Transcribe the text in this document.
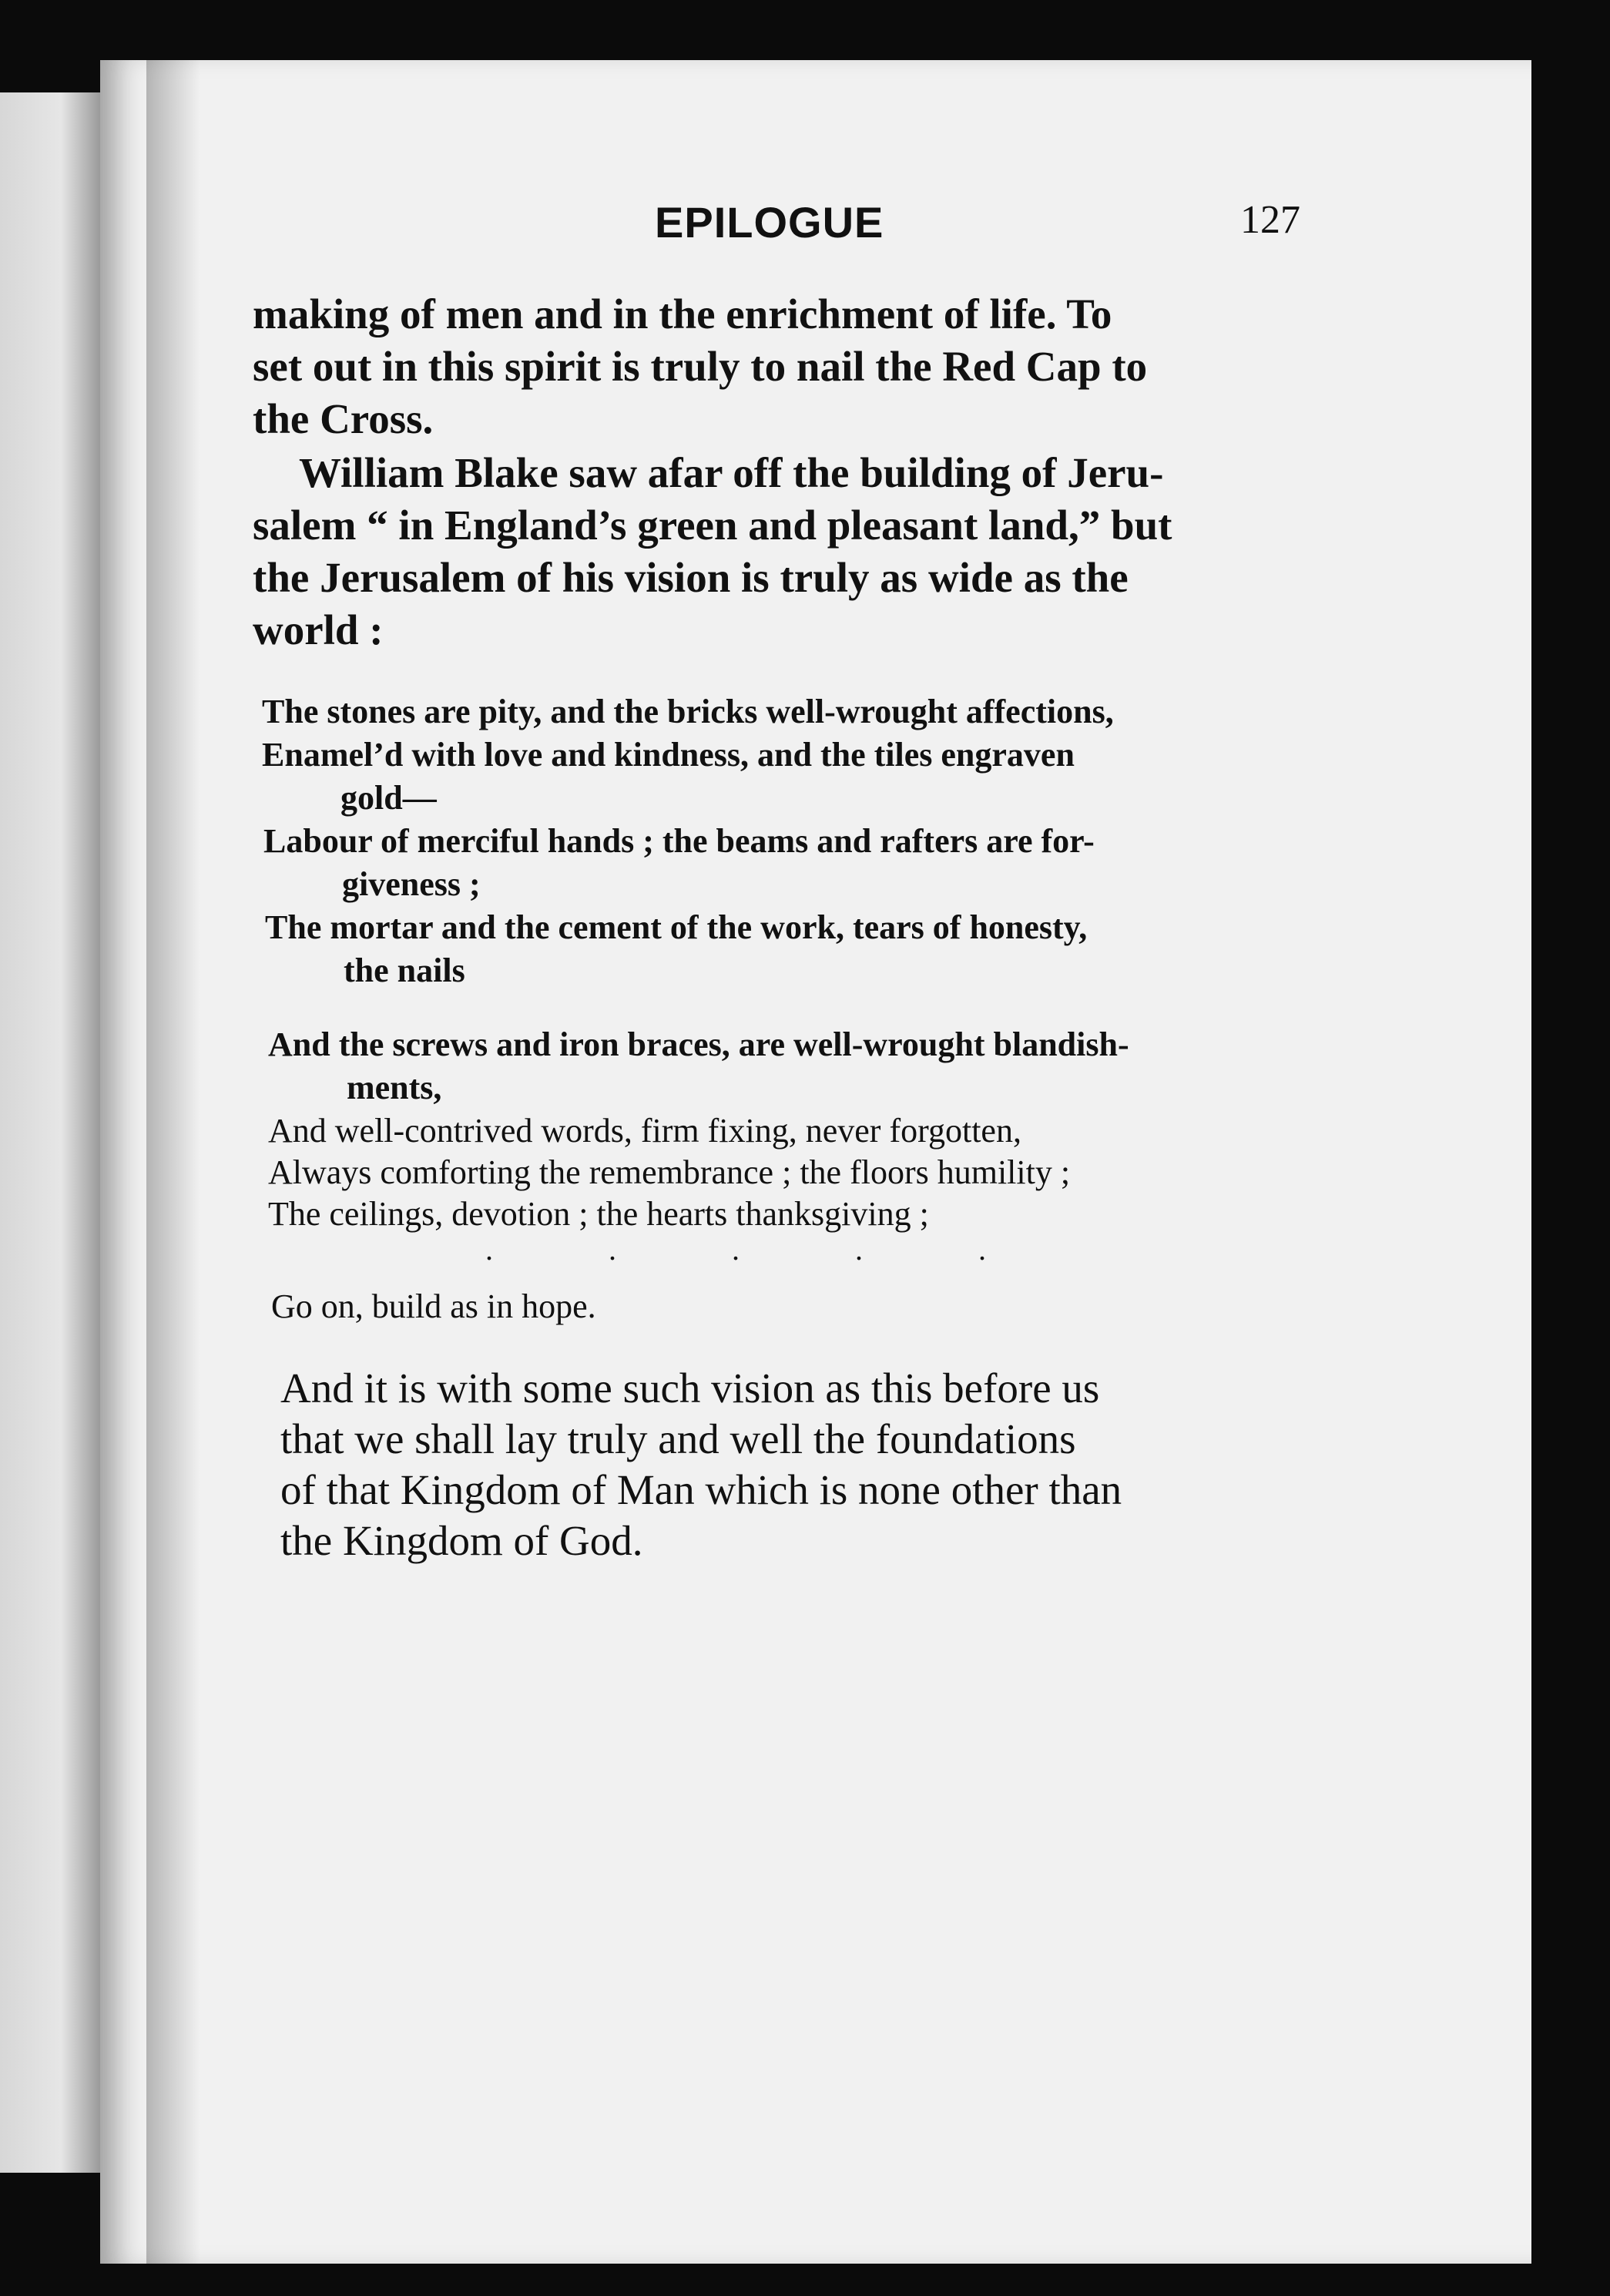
EPILOGUE	127
making of men and in the enrichment of life. To
set out in this spirit is truly to nail the Red Cap to
the Cross.
William Blake saw afar off the building of Jeru-
salem “ in England’s green and pleasant land,” but
the Jerusalem of his vision is truly as wide as the
world :
The stones are pity, and the bricks well-wrought affections,
Enamel’d with love and kindness, and the tiles engraven
gold—
Labour of merciful hands ; the beams and rafters are for-
giveness ;
The mortar and the cement of the work, tears of honesty,
the nails
And the screws and iron braces, are well-wrought blandish-
ments,
And well-contrived words, firm fixing, never forgotten,
Always comforting the remembrance ; the floors humility ;
The ceilings, devotion ; the hearts thanksgiving ;
.....
Go on, build as in hope.
And it is with some such vision as this before us
that we shall lay truly and well the foundations
of that Kingdom of Man which is none other than
the Kingdom of God.
